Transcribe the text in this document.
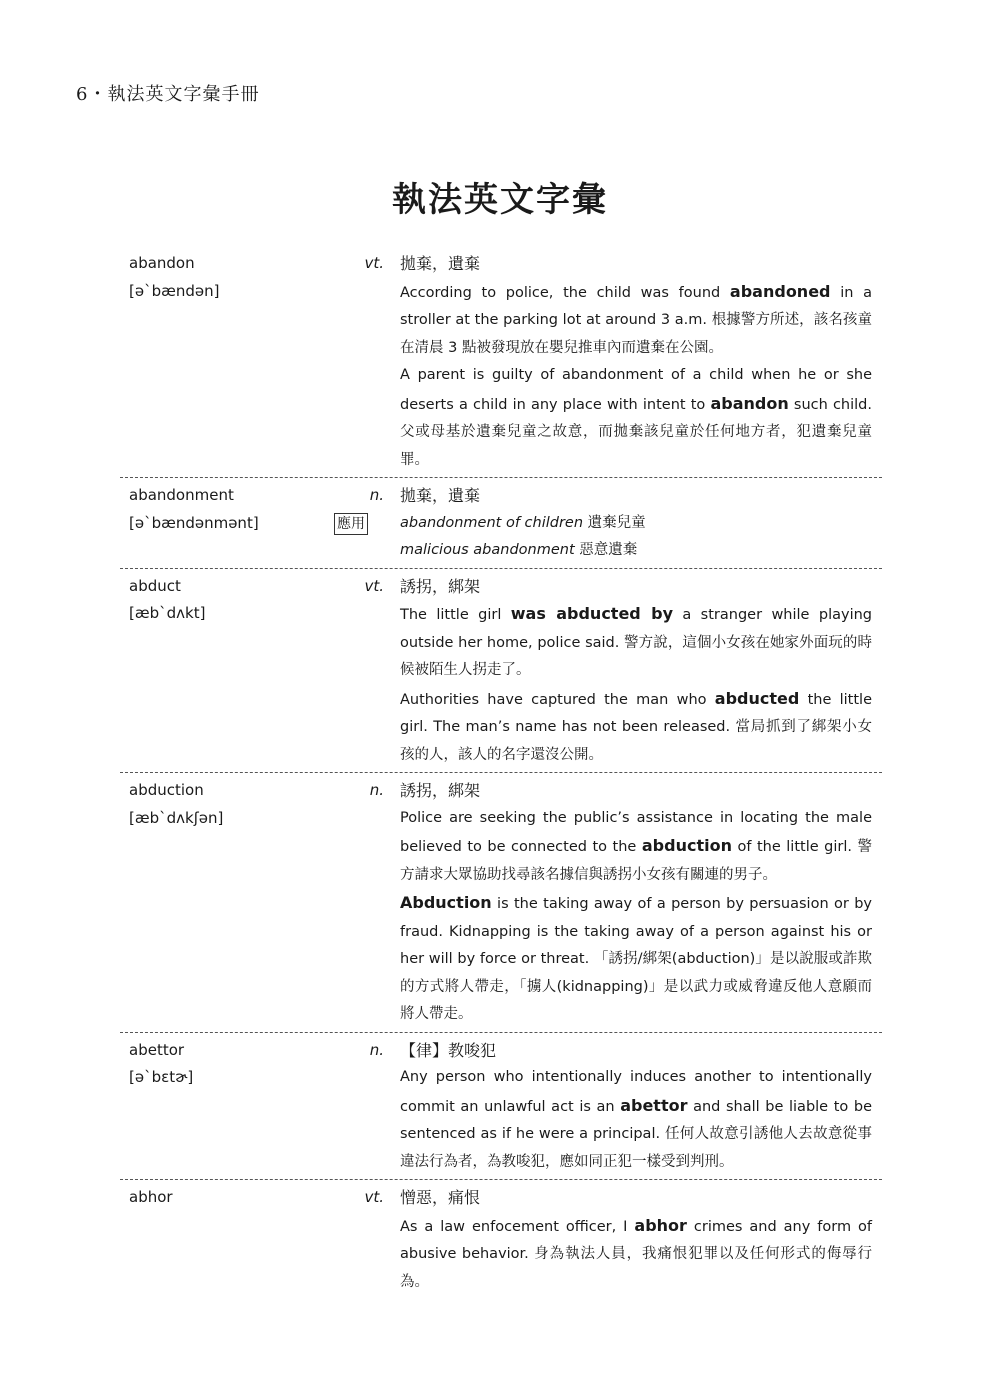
6・執法英文字彙手冊
執法英文字彙
abandon
[ə`bændən]
vt. 拋棄，遺棄

According to police, the child was found abandoned in a stroller at the parking lot at around 3 a.m. 根據警方所述，該名孩童在清晨 3 點被發現放在嬰兒推車內而遺棄在公園。

A parent is guilty of abandonment of a child when he or she deserts a child in any place with intent to abandon such child. 父或母基於遺棄兒童之故意，而拋棄該兒童於任何地方者，犯遺棄兒童罪。

abandonment
[ə`bændənmənt]
n.
應用
拋棄，遺棄

abandonment of children 遺棄兒童

malicious abandonment 惡意遺棄

abduct
[æb`dʌkt]
vt. 誘拐，綁架

The little girl was abducted by a stranger while playing outside her home, police said. 警方說，這個小女孩在她家外面玩的時候被陌生人拐走了。

Authorities have captured the man who abducted the little girl. The man’s name has not been released. 當局抓到了綁架小女孩的人，該人的名字還沒公開。

abduction
[æb`dʌkʃən]
n. 誘拐，綁架

Police are seeking the public’s assistance in locating the male believed to be connected to the abduction of the little girl. 警方請求大眾協助找尋該名據信與誘拐小女孩有關連的男子。

Abduction is the taking away of a person by persuasion or by fraud. Kidnapping is the taking away of a person against his or her will by force or threat. 「誘拐/綁架(abduction)」是以說服或詐欺的方式將人帶走，「擄人(kidnapping)」是以武力或威脅違反他人意願而將人帶走。

abettor
[ə`bɛtɚ]
n. 【律】教唆犯

Any person who intentionally induces another to intentionally commit an unlawful act is an abettor and shall be liable to be sentenced as if he were a principal. 任何人故意引誘他人去故意從事違法行為者，為教唆犯，應如同正犯一樣受到判刑。

abhor	vt. 憎惡，痛恨

As a law enfocement officer, I abhor crimes and any form of abusive behavior. 身為執法人員，我痛恨犯罪以及任何形式的侮辱行為。
